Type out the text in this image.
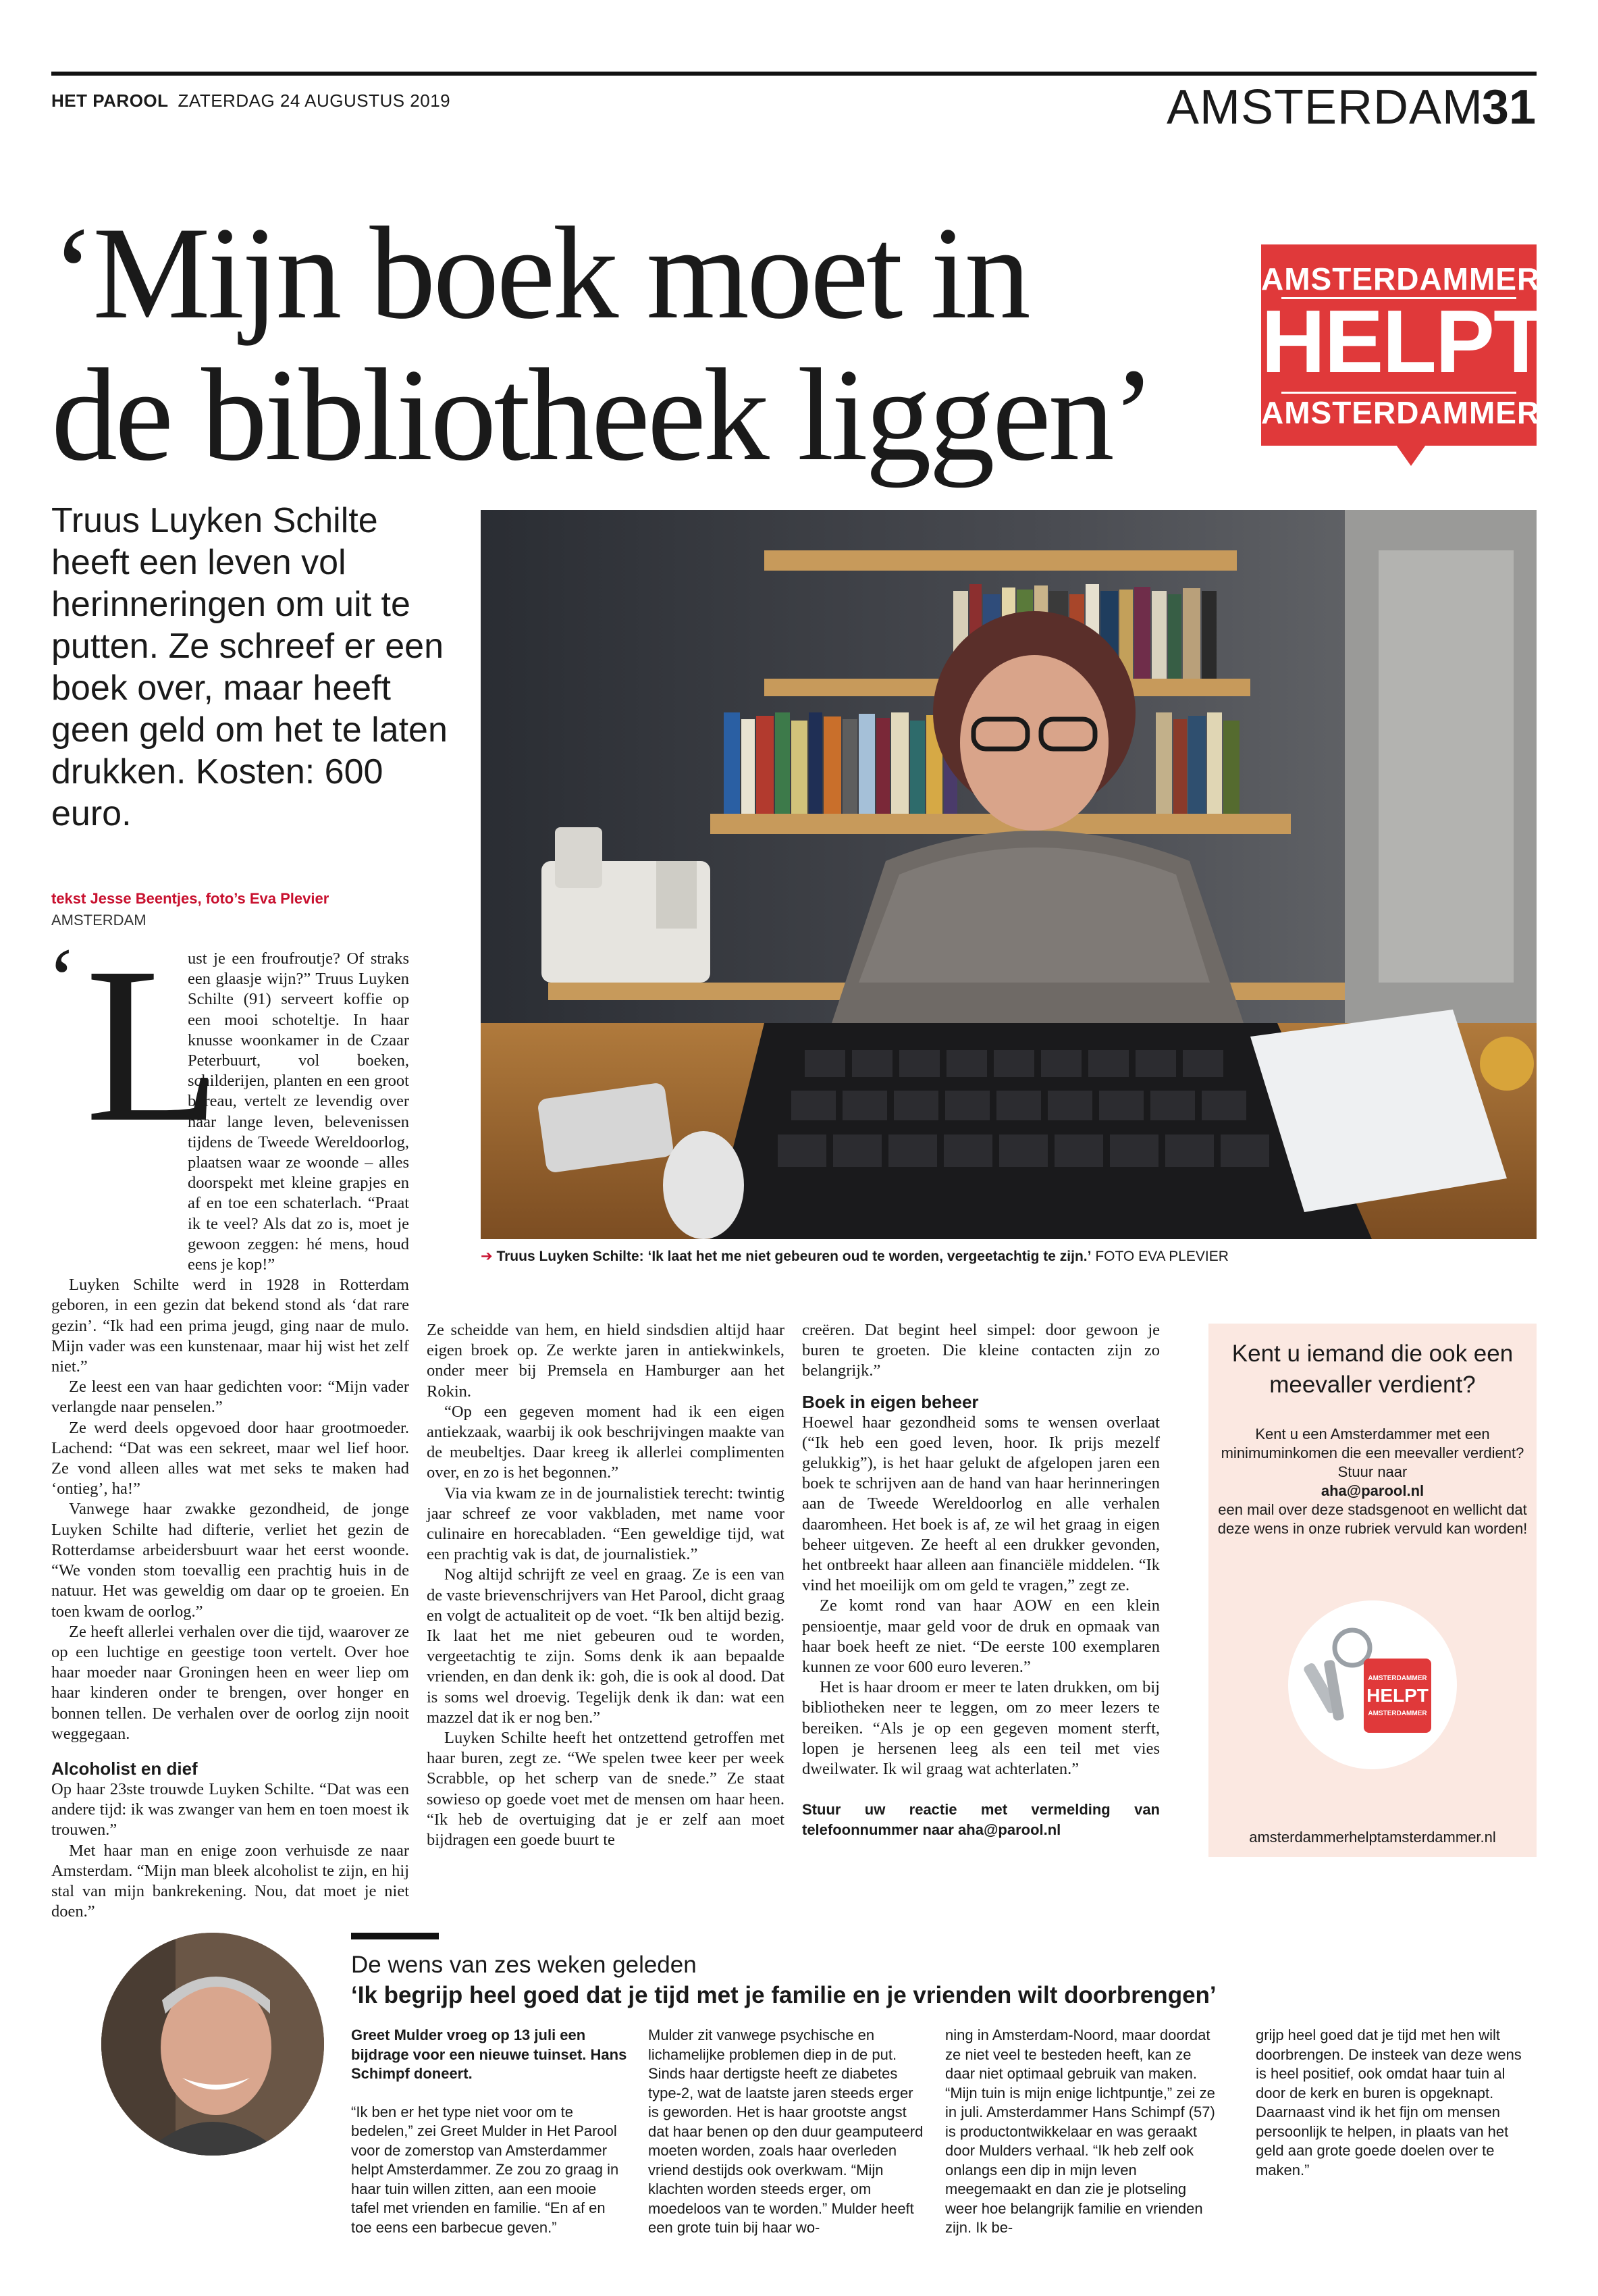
HET PAROOL ZATERDAG 24 AUGUSTUS 2019	AMSTERDAM
31
‘Mijn boek moet in
de bibliotheek liggen’
AMSTERDAMMER
HELPT
AMSTERDAMMER
Truus Luyken Schilte heeft een leven vol herinneringen om uit te putten. Ze schreef er een boek over, maar heeft geen geld om het te laten drukken. Kosten: 600 euro.
tekst Jesse Beentjes, foto’s Eva Plevier
AMSTERDAM
➔ Truus Luyken Schilte: ‘Ik laat het me niet gebeuren oud te worden, vergeetachtig te zijn.’ FOTO EVA PLEVIER
‘ L

ust je een froufroutje? Of straks een glaasje wijn?” Truus Luyken Schilte (91) serveert koffie op een mooi schoteltje. In haar knusse woonkamer in de Czaar Peterbuurt, vol boeken, schilderijen, planten en een groot bureau, vertelt ze levendig over haar lange leven, belevenissen tijdens de Tweede Wereldoorlog, plaatsen waar ze woonde – alles doorspekt met kleine grapjes en af en toe een schaterlach. “Praat ik te veel? Als dat zo is, moet je gewoon zeggen: hé mens, houd eens je kop!”

Luyken Schilte werd in 1928 in Rotterdam geboren, in een gezin dat bekend stond als ‘dat rare gezin’. “Ik had een prima jeugd, ging naar de mulo. Mijn vader was een kunstenaar, maar hij wist het zelf niet.”

Ze leest een van haar gedichten voor: “Mijn vader verlangde naar penselen.”

Ze werd deels opgevoed door haar grootmoeder. Lachend: “Dat was een sekreet, maar wel lief hoor. Ze vond alleen alles wat met seks te maken had ‘ontieg’, ha!”

Vanwege haar zwakke gezondheid, de jonge Luyken Schilte had difterie, verliet het gezin de Rotterdamse arbeidersbuurt waar het eerst woonde. “We vonden stom toevallig een prachtig huis in de natuur. Het was geweldig om daar op te groeien. En toen kwam de oorlog.”

Ze heeft allerlei verhalen over die tijd, waarover ze op een luchtige en geestige toon vertelt. Over hoe haar moeder naar Groningen heen en weer liep om haar kinderen onder te brengen, over honger en bonnen tellen. De verhalen over de oorlog zijn nooit weggegaan.

Alcoholist en dief

Op haar 23ste trouwde Luyken Schilte. “Dat was een andere tijd: ik was zwanger van hem en toen moest ik trouwen.”

Met haar man en enige zoon verhuisde ze naar Amsterdam. “Mijn man bleek alcoholist te zijn, en hij stal van mijn bankrekening. Nou, dat moet je niet doen.”

Ze scheidde van hem, en hield sindsdien altijd haar eigen broek op. Ze werkte jaren in antiekwinkels, onder meer bij Premsela en Hamburger aan het Rokin.

“Op een gegeven moment had ik een eigen antiekzaak, waarbij ik ook beschrijvingen maakte van de meubeltjes. Daar kreeg ik allerlei complimenten over, en zo is het begonnen.”

Via via kwam ze in de journalistiek terecht: twintig jaar schreef ze voor vakbladen, met name voor culinaire en horecabladen. “Een geweldige tijd, wat een prachtig vak is dat, de journalistiek.”

Nog altijd schrijft ze veel en graag. Ze is een van de vaste brievenschrijvers van Het Parool, dicht graag en volgt de actualiteit op de voet. “Ik ben altijd bezig. Ik laat het me niet gebeuren oud te worden, vergeetachtig te zijn. Soms denk ik aan bepaalde vrienden, en dan denk ik: goh, die is ook al dood. Dat is soms wel droevig. Tegelijk denk ik dan: wat een mazzel dat ik er nog ben.”

Luyken Schilte heeft het ontzettend getroffen met haar buren, zegt ze. “We spelen twee keer per week Scrabble, op het scherp van de snede.” Ze staat sowieso op goede voet met de mensen om haar heen. “Ik heb de overtuiging dat je er zelf aan moet bijdragen een goede buurt te

creëren. Dat begint heel simpel: door gewoon je buren te groeten. Die kleine contacten zijn zo belangrijk.”

Boek in eigen beheer

Hoewel haar gezondheid soms te wensen overlaat (“Ik heb een goed leven, hoor. Ik prijs mezelf gelukkig”), is het haar gelukt de afgelopen jaren een boek te schrijven aan de hand van haar herinneringen aan de Tweede Wereldoorlog en alle verhalen daaromheen. Het boek is af, ze wil het graag in eigen beheer uitgeven. Ze heeft al een drukker gevonden, het ontbreekt haar alleen aan financiële middelen. “Ik vind het moeilijk om om geld te vragen,” zegt ze.

Ze komt rond van haar AOW en een klein pensioentje, maar geld voor de druk en opmaak van haar boek heeft ze niet. “De eerste 100 exemplaren kunnen ze voor 600 euro leveren.”

Het is haar droom er meer te laten drukken, om bij bibliotheken neer te leggen, om zo meer lezers te bereiken. “Als je op een gegeven moment sterft, lopen je hersenen leeg als een teil met vies dweilwater. Ik wil graag wat achterlaten.”

Stuur uw reactie met vermelding van telefoonnummer naar aha@parool.nl

Kent u iemand die ook een meevaller verdient?
Kent u een Amsterdammer met een minimuminkomen die een meevaller verdient? Stuur naar
aha@parool.nl
een mail over deze stadsgenoot en wellicht dat deze wens in onze rubriek vervuld kan worden!
AMSTERDAMMER
HELPT
AMSTERDAMMER
amsterdammerhelptamsterdammer.nl
De wens van zes weken geleden
‘Ik begrijp heel goed dat je tijd met je familie en je vrienden wilt doorbrengen’

Greet Mulder vroeg op 13 juli een bijdrage voor een nieuwe tuinset. Hans Schimpf doneert.

“Ik ben er het type niet voor om te bedelen,” zei Greet Mulder in Het Parool voor de zomerstop van Amsterdammer helpt Amsterdammer. Ze zou zo graag in haar tuin willen zitten, aan een mooie tafel met vrienden en familie. “En af en toe eens een barbecue geven.”

Mulder zit vanwege psychische en lichamelijke problemen diep in de put. Sinds haar dertigste heeft ze diabetes type-2, wat de laatste jaren steeds erger is geworden. Het is haar grootste angst dat haar benen op den duur geamputeerd moeten worden, zoals haar overleden vriend destijds ook overkwam. “Mijn klachten worden steeds erger, om moedeloos van te worden.” Mulder heeft een grote tuin bij haar wo-

ning in Amsterdam-Noord, maar doordat ze niet veel te besteden heeft, kan ze daar niet optimaal gebruik van maken. “Mijn tuin is mijn enige lichtpuntje,” zei ze in juli. Amsterdammer Hans Schimpf (57) is productontwikkelaar en was geraakt door Mulders verhaal. “Ik heb zelf ook onlangs een dip in mijn leven meegemaakt en dan zie je plotseling weer hoe belangrijk familie en vrienden zijn. Ik be-

grijp heel goed dat je tijd met hen wilt doorbrengen. De insteek van deze wens is heel positief, ook omdat haar tuin al door de kerk en buren is opgeknapt. Daarnaast vind ik het fijn om mensen persoonlijk te helpen, in plaats van het geld aan grote goede doelen over te maken.”
